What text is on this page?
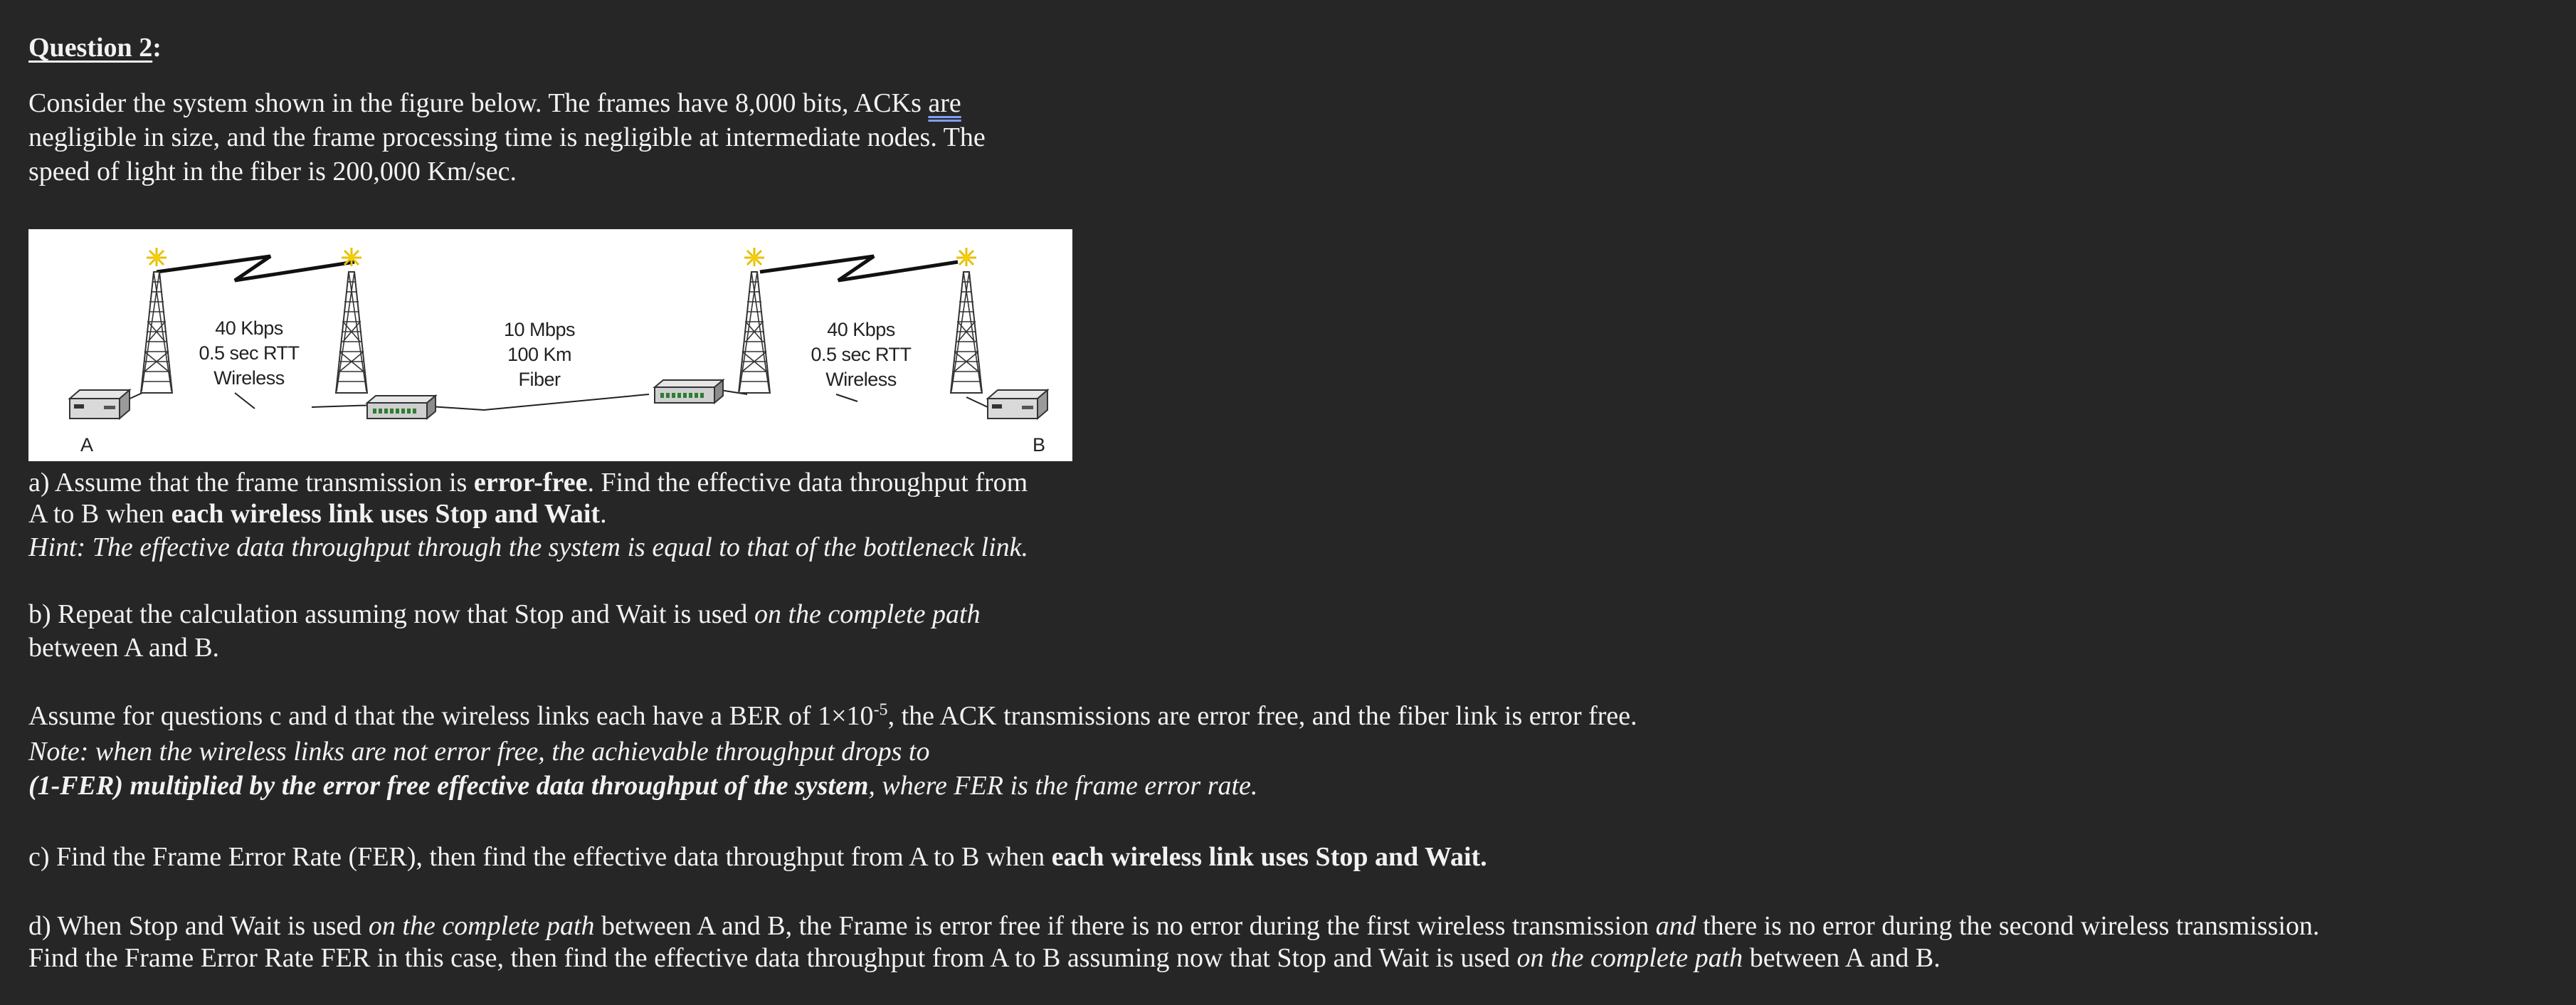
Question 2:
Consider the system shown in the figure below. The frames have 8,000 bits, ACKs are
negligible in size, and the frame processing time is negligible at intermediate nodes. The
speed of light in the fiber is 200,000 Km/sec.
a) Assume that the frame transmission is error-free. Find the effective data throughput from
A to B when each wireless link uses Stop and Wait.
Hint: The effective data throughput through the system is equal to that of the bottleneck link.
b) Repeat the calculation assuming now that Stop and Wait is used on the complete path
between A and B.
Assume for questions c and d that the wireless links each have a BER of $1\times 10^{-5}$, the ACK transmissions are error free, and the fiber link is error free.
Note: when the wireless links are not error free, the achievable throughput drops to
(1-FER) multiplied by the error free effective data throughput of the system, where FER is the frame error rate.
c) Find the Frame Error Rate (FER), then find the effective data throughput from A to B when each wireless link uses Stop and Wait.
d) When Stop and Wait is used on the complete path between A and B, the Frame is error free if there is no error during the first wireless transmission and there is no error during the second wireless transmission.
Find the Frame Error Rate FER in this case, then find the effective data throughput from A to B assuming now that Stop and Wait is used on the complete path between A and B.
40 Kbps
0.5 sec RTT
Wireless
10 Mbps
100 Km
Fiber
40 Kbps
0.5 sec RTT
Wireless
A	B
